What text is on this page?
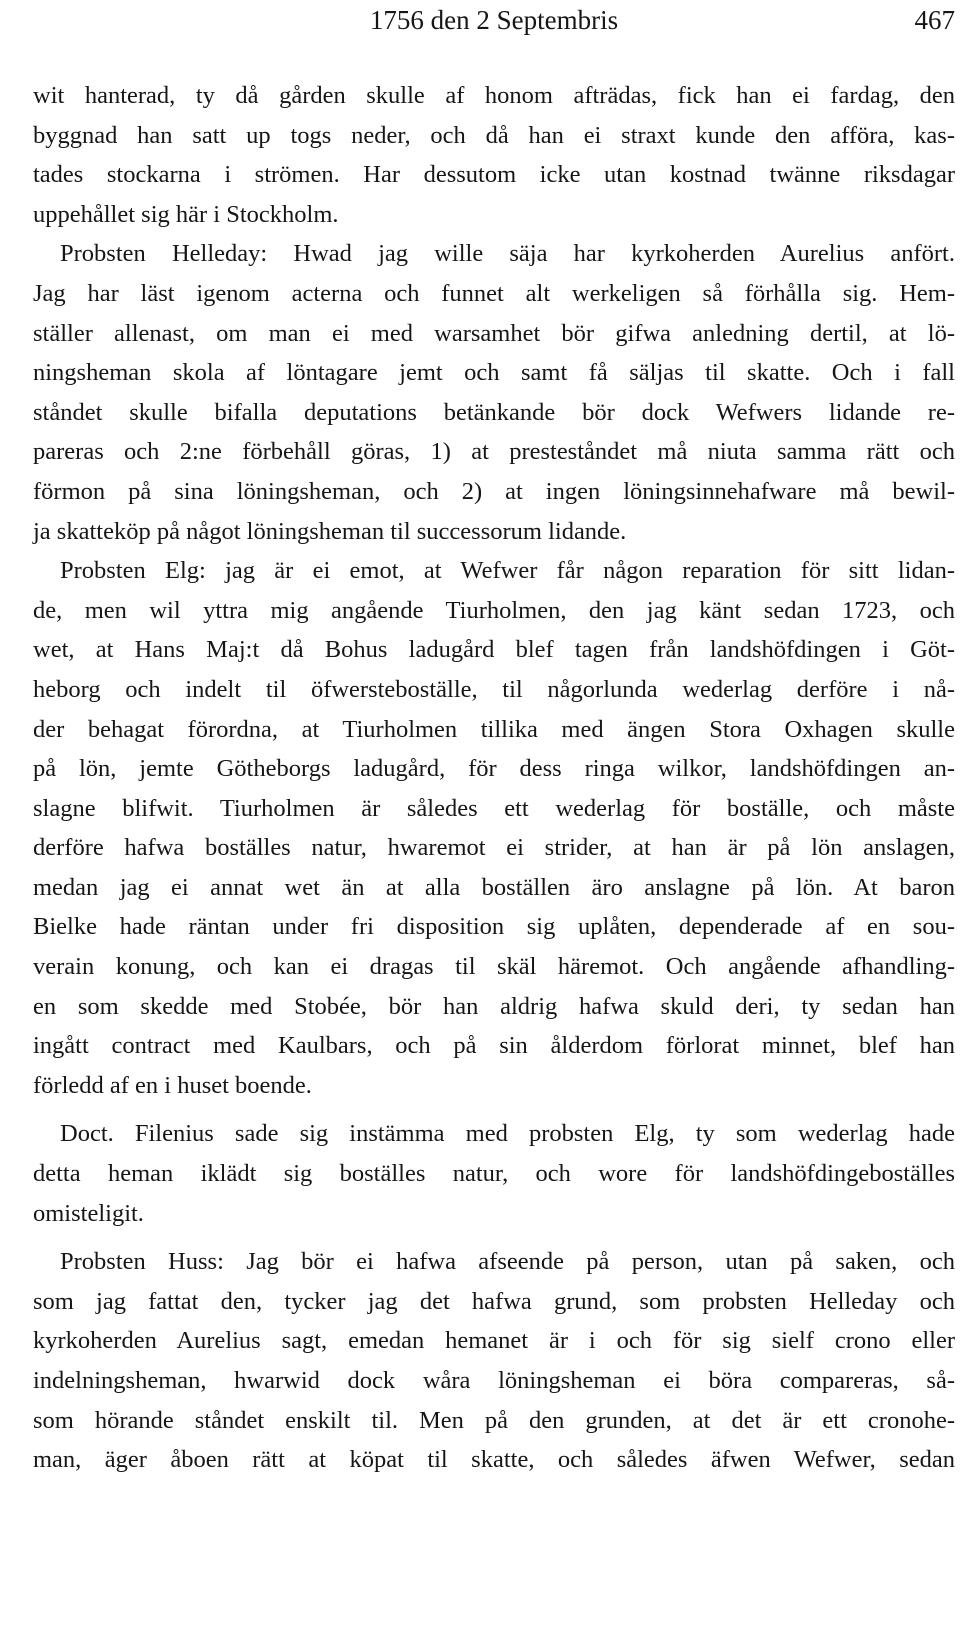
1756 den 2 Septembris	467
wit hanterad, ty då gården skulle af honom afträdas, fick han ei fardag, den
byggnad han satt up togs neder, och då han ei straxt kunde den afföra, kas-
tades stockarna i strömen. Har dessutom icke utan kostnad twänne riksdagar
uppehållet sig här i Stockholm.
Probsten Helleday: Hwad jag wille säja har kyrkoherden Aurelius anfört.
Jag har läst igenom acterna och funnet alt werkeligen så förhålla sig. Hem-
ställer allenast, om man ei med warsamhet bör gifwa anledning dertil, at lö-
ningsheman skola af löntagare jemt och samt få säljas til skatte. Och i fall
ståndet skulle bifalla deputations betänkande bör dock Wefwers lidande re-
pareras och 2:ne förbehåll göras, 1) at presteståndet må niuta samma rätt och
förmon på sina löningsheman, och 2) at ingen löningsinnehafware må bewil-
ja skatteköp på något löningsheman til successorum lidande.
Probsten Elg: jag är ei emot, at Wefwer får någon reparation för sitt lidan-
de, men wil yttra mig angående Tiurholmen, den jag känt sedan 1723, och
wet, at Hans Maj:t då Bohus ladugård blef tagen från landshöfdingen i Göt-
heborg och indelt til öfwersteboställe, til någorlunda wederlag derföre i nå-
der behagat förordna, at Tiurholmen tillika med ängen Stora Oxhagen skulle
på lön, jemte Götheborgs ladugård, för dess ringa wilkor, landshöfdingen an-
slagne blifwit. Tiurholmen är således ett wederlag för boställe, och måste
derföre hafwa boställes natur, hwaremot ei strider, at han är på lön anslagen,
medan jag ei annat wet än at alla boställen äro anslagne på lön. At baron
Bielke hade räntan under fri disposition sig uplåten, dependerade af en sou-
verain konung, och kan ei dragas til skäl häremot. Och angående afhandling-
en som skedde med Stobée, bör han aldrig hafwa skuld deri, ty sedan han
ingått contract med Kaulbars, och på sin ålderdom förlorat minnet, blef han
förledd af en i huset boende.
Doct. Filenius sade sig instämma med probsten Elg, ty som wederlag hade
detta heman iklädt sig boställes natur, och wore för landshöfdingeboställes
omisteligit.
Probsten Huss: Jag bör ei hafwa afseende på person, utan på saken, och
som jag fattat den, tycker jag det hafwa grund, som probsten Helleday och
kyrkoherden Aurelius sagt, emedan hemanet är i och för sig sielf crono eller
indelningsheman, hwarwid dock wåra löningsheman ei böra compareras, så-
som hörande ståndet enskilt til. Men på den grunden, at det är ett cronohe-
man, äger åboen rätt at köpat til skatte, och således äfwen Wefwer, sedan
